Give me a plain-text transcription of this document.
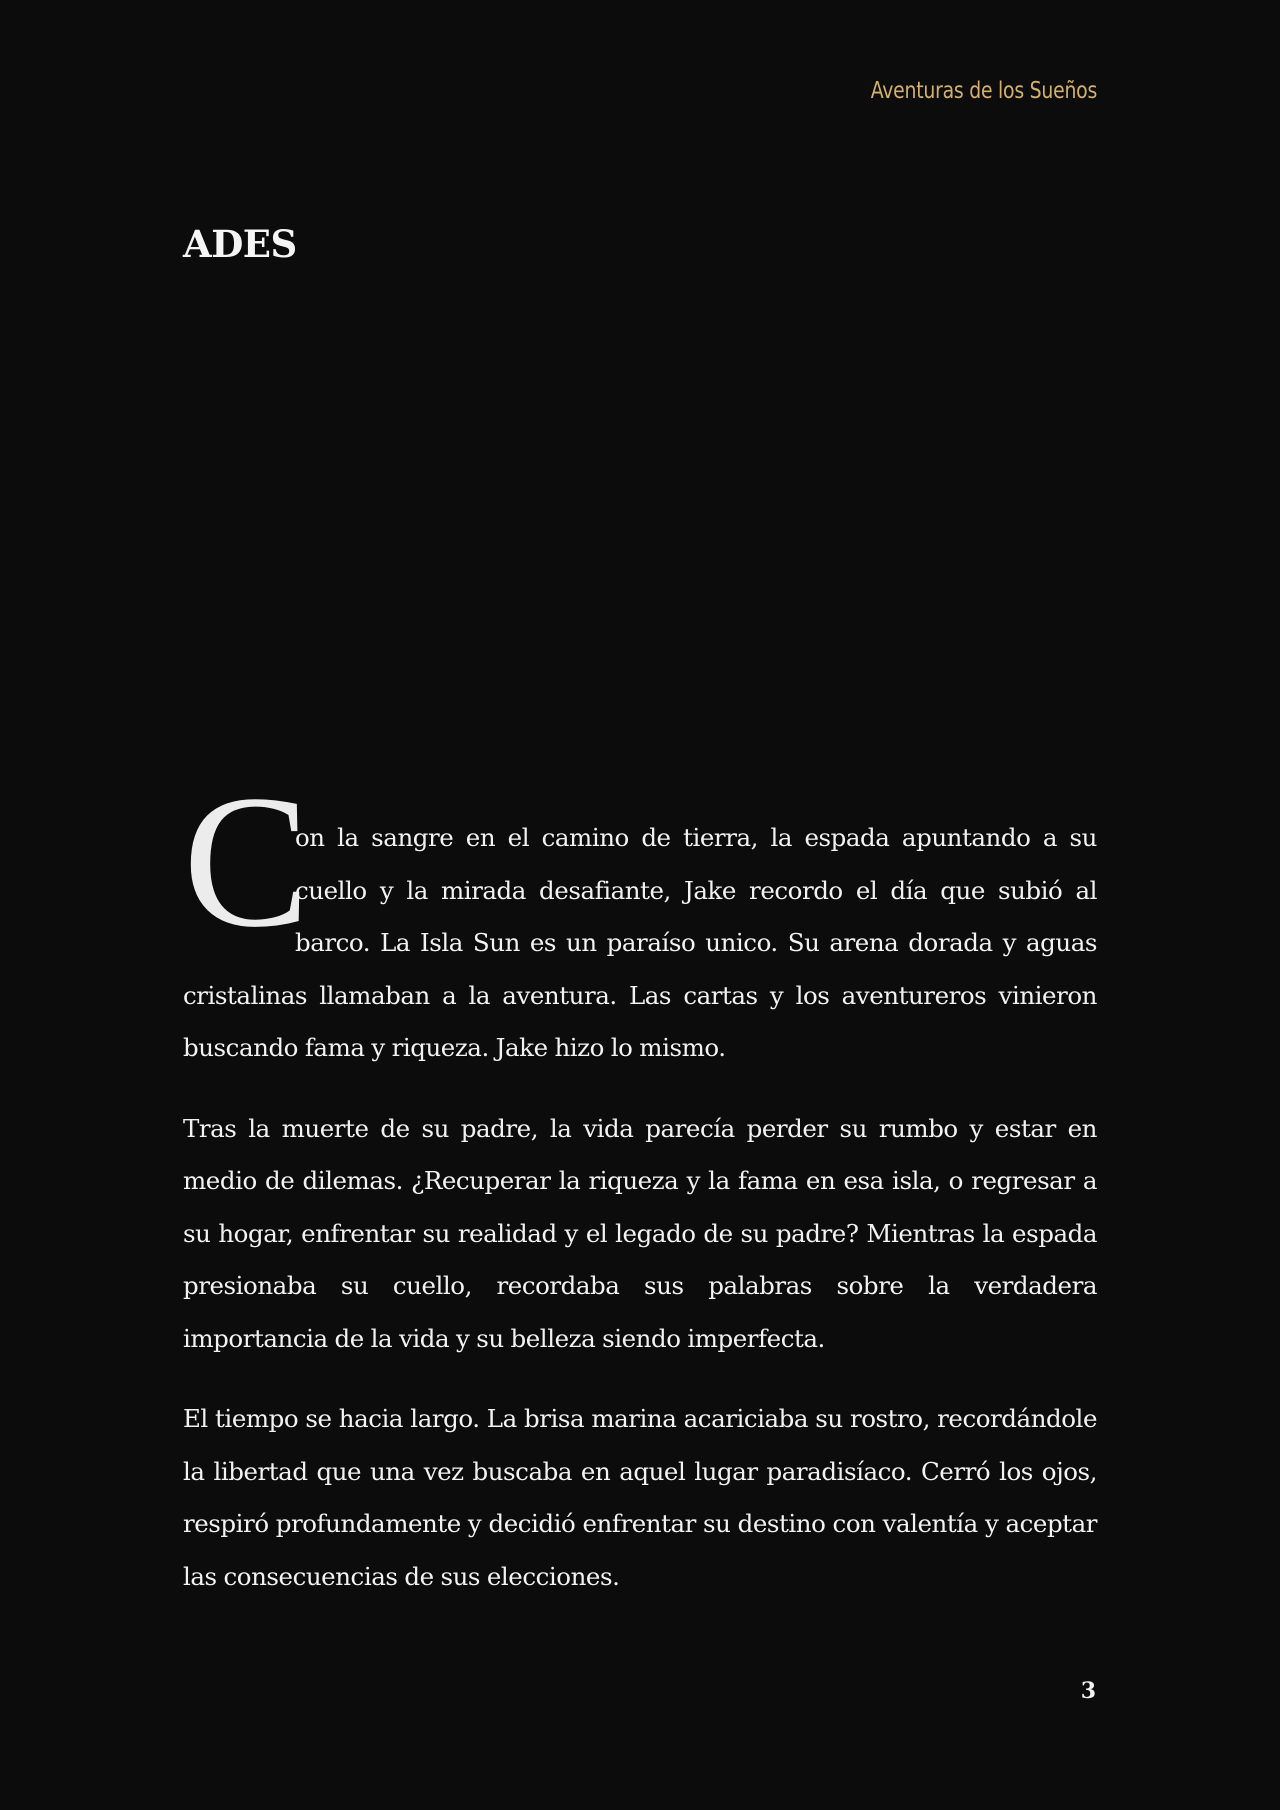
Aventuras de los Sueños
ADES

C
on la sangre en el camino de tierra, la espada apuntando a su cuello y la mirada desafiante, Jake recordo el día que subió al barco. La Isla Sun es un paraíso unico. Su arena dorada y aguas cristalinas llamaban a la aventura. Las cartas y los aventureros vinieron buscando fama y riqueza. Jake hizo lo mismo.

Tras la muerte de su padre, la vida parecía perder su rumbo y estar en medio de dilemas. ¿Recuperar la riqueza y la fama en esa isla, o regresar a su hogar, enfrentar su realidad y el legado de su padre? Mientras la espada presionaba su cuello, recordaba sus palabras sobre la verdadera importancia de la vida y su belleza siendo imperfecta.

El tiempo se hacia largo. La brisa marina acariciaba su rostro, recordándole la libertad que una vez buscaba en aquel lugar paradisíaco. Cerró los ojos, respiró profundamente y decidió enfrentar su destino con valentía y aceptar las consecuencias de sus elecciones.

3
